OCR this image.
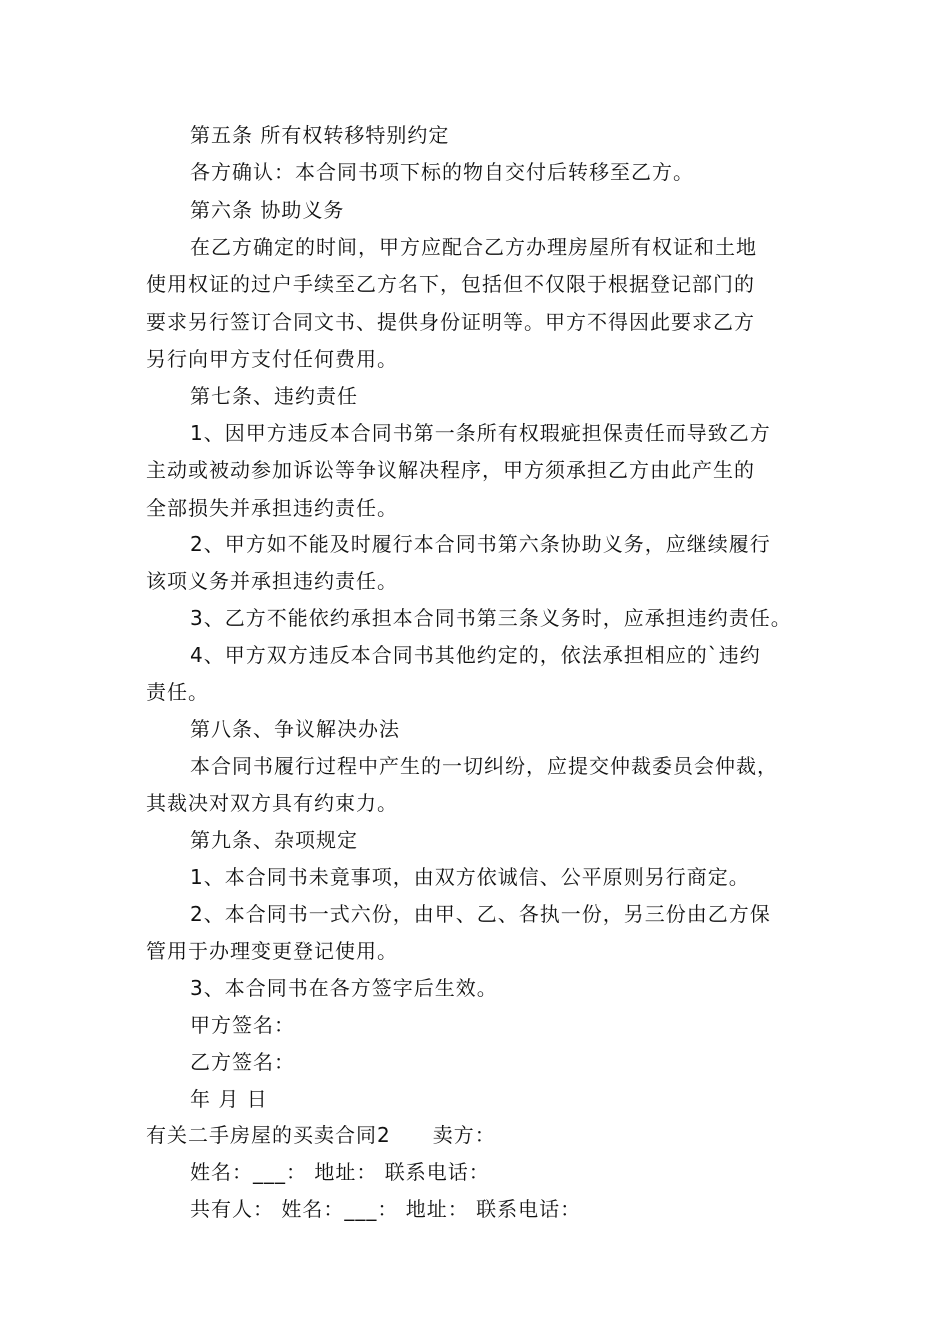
第五条 所有权转移特别约定
各方确认：本合同书项下标的物自交付后转移至乙方。
第六条 协助义务
在乙方确定的时间，甲方应配合乙方办理房屋所有权证和土地
使用权证的过户手续至乙方名下，包括但不仅限于根据登记部门的
要求另行签订合同文书、提供身份证明等。甲方不得因此要求乙方
另行向甲方支付任何费用。
第七条、违约责任
1、因甲方违反本合同书第一条所有权瑕疵担保责任而导致乙方
主动或被动参加诉讼等争议解决程序，甲方须承担乙方由此产生的
全部损失并承担违约责任。
2、甲方如不能及时履行本合同书第六条协助义务，应继续履行
该项义务并承担违约责任。
3、乙方不能依约承担本合同书第三条义务时，应承担违约责任。
4、甲方双方违反本合同书其他约定的，依法承担相应的`违约
责任。
第八条、争议解决办法
本合同书履行过程中产生的一切纠纷，应提交仲裁委员会仲裁，
其裁决对双方具有约束力。
第九条、杂项规定
1、本合同书未竟事项，由双方依诚信、公平原则另行商定。
2、本合同书一式六份，由甲、乙、各执一份，另三份由乙方保
管用于办理变更登记使用。
3、本合同书在各方签字后生效。
甲方签名：
乙方签名：
年 月 日
有关二手房屋的买卖合同2　　卖方：
姓名：___： 地址： 联系电话：
共有人： 姓名：___： 地址： 联系电话：
